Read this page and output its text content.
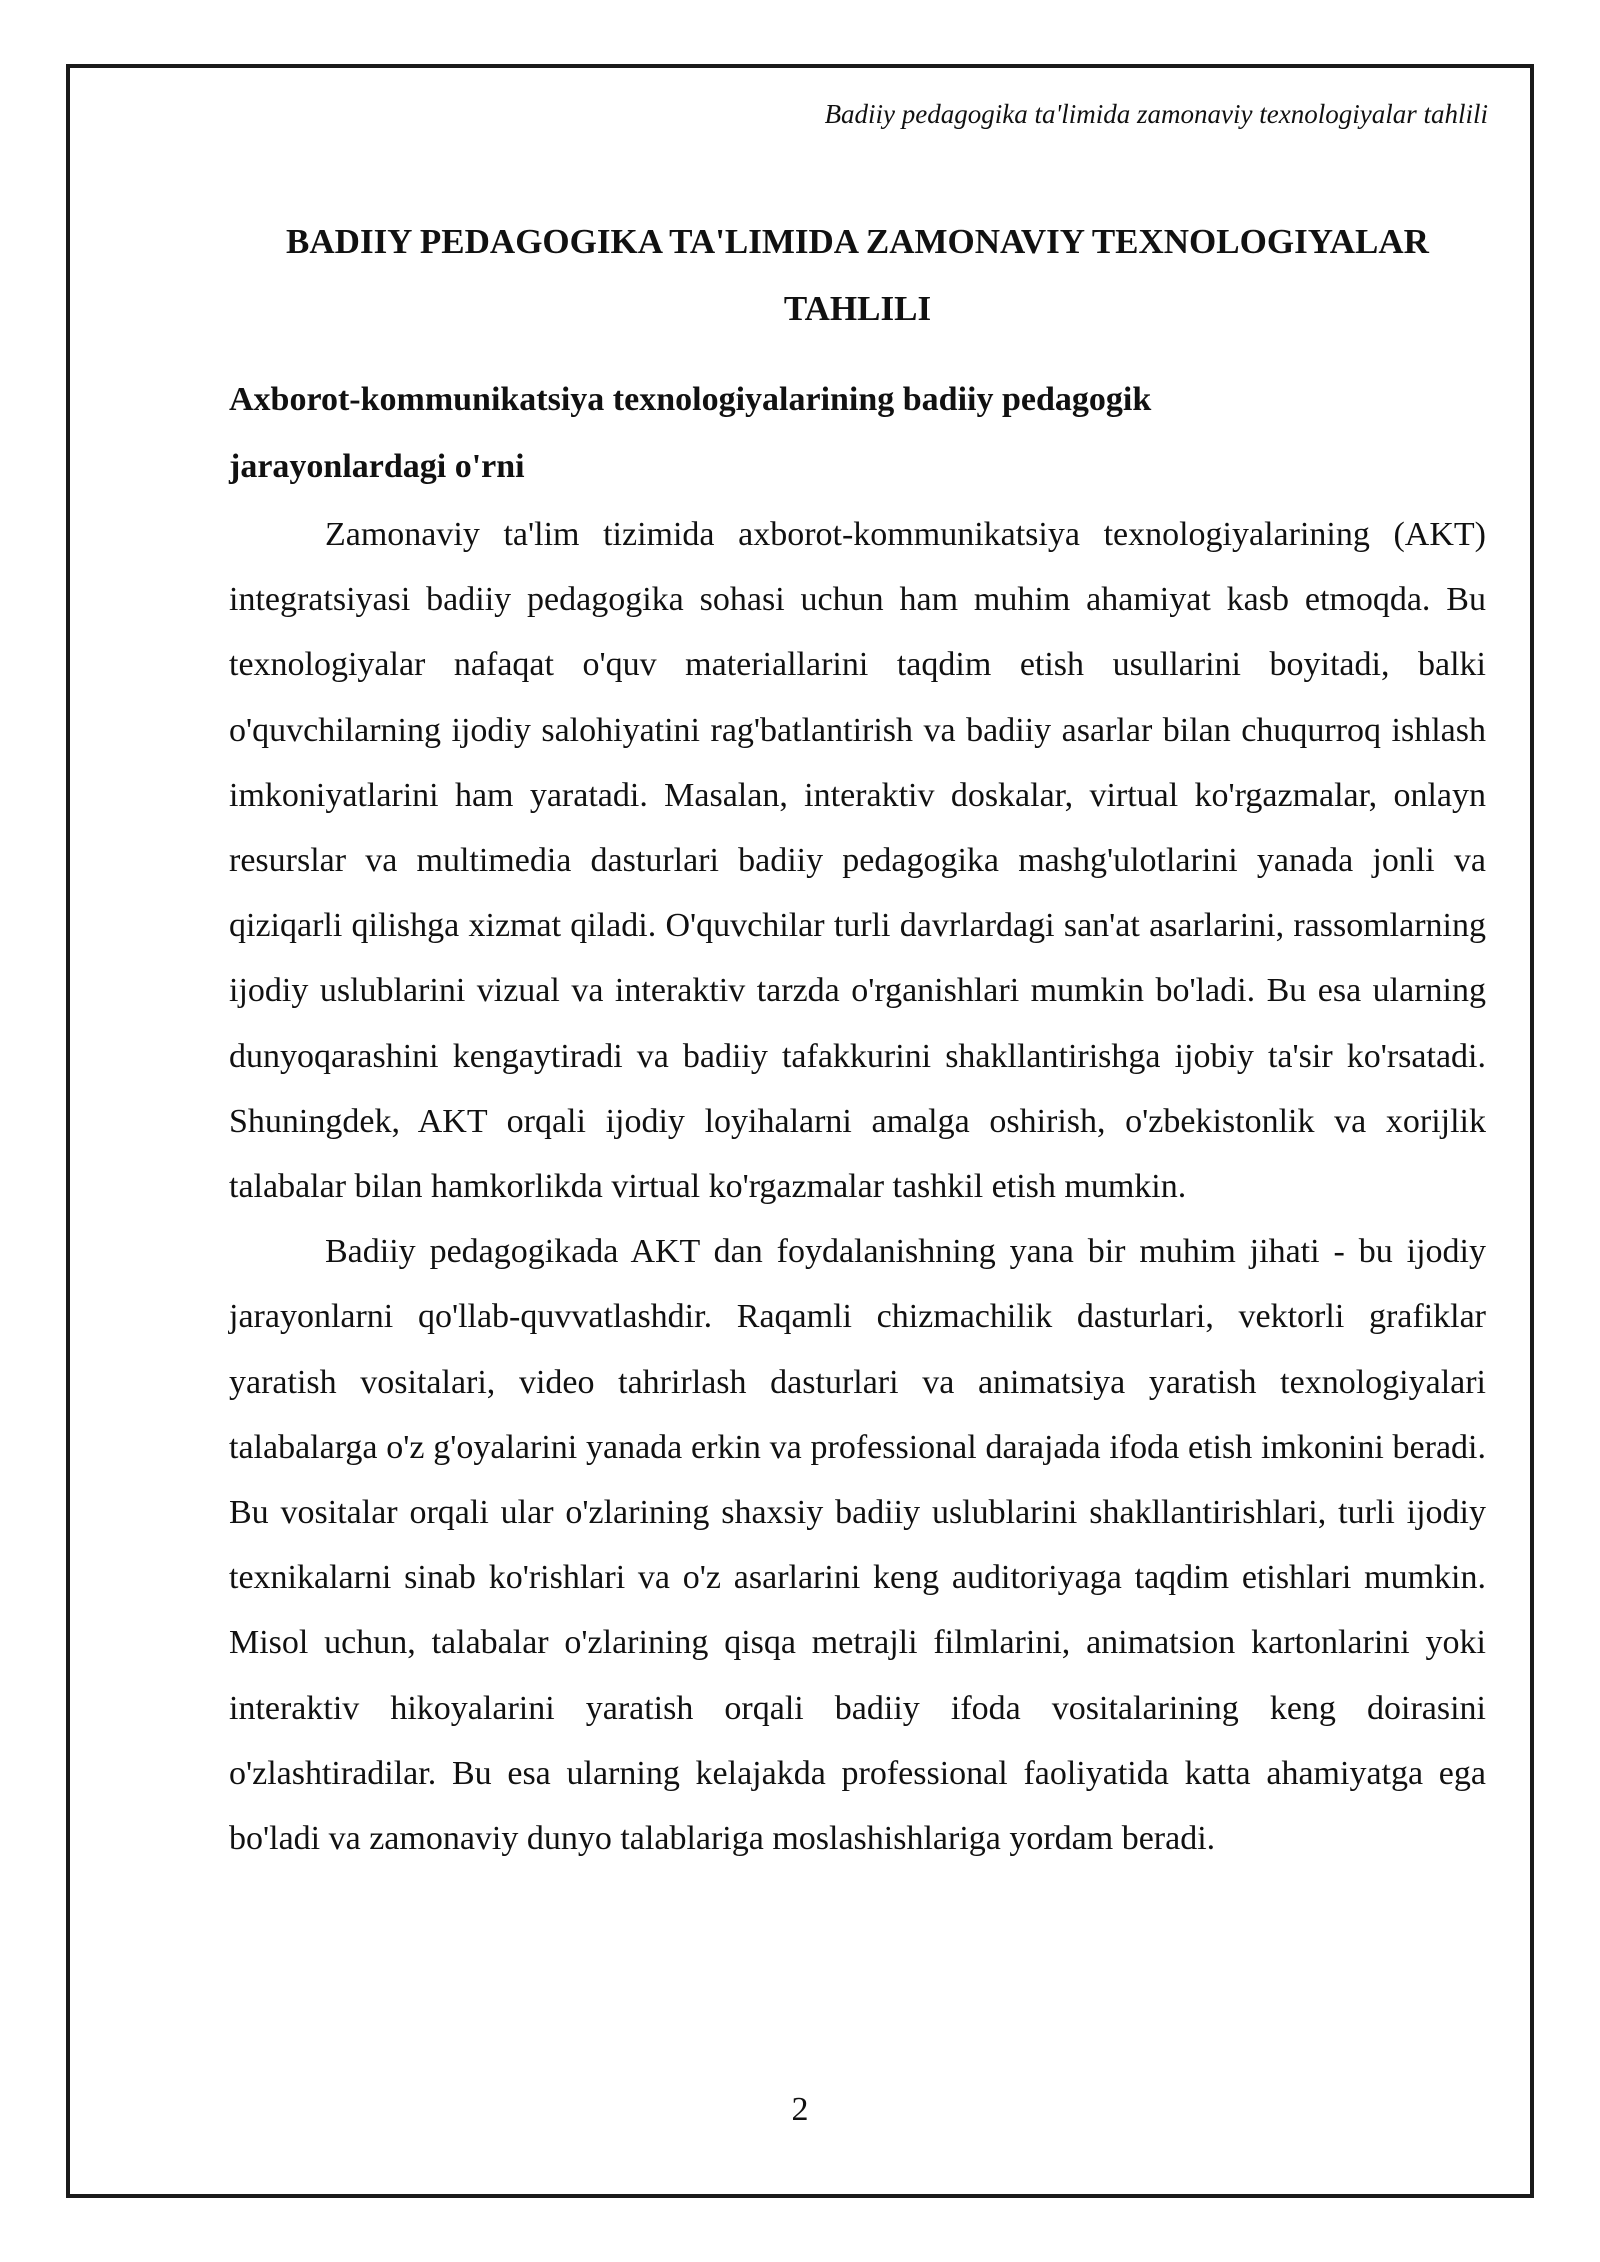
Badiiy pedagogika ta'limida zamonaviy texnologiyalar tahlili
BADIIY PEDAGOGIKA TA'LIMIDA ZAMONAVIY TEXNOLOGIYALAR TAHLILI
Axborot-kommunikatsiya texnologiyalarining badiiy pedagogik jarayonlardagi o'rni

Zamonaviy ta'lim tizimida axborot-kommunikatsiya texnologiyalarining (AKT) integratsiyasi badiiy pedagogika sohasi uchun ham muhim ahamiyat kasb etmoqda. Bu texnologiyalar nafaqat o'quv materiallarini taqdim etish usullarini boyitadi, balki o'quvchilarning ijodiy salohiyatini rag'batlantirish va badiiy asarlar bilan chuqurroq ishlash imkoniyatlarini ham yaratadi. Masalan, interaktiv doskalar, virtual ko'rgazmalar, onlayn resurslar va multimedia dasturlari badiiy pedagogika mashg'ulotlarini yanada jonli va qiziqarli qilishga xizmat qiladi. O'quvchilar turli davrlardagi san'at asarlarini, rassomlarning ijodiy uslublarini vizual va interaktiv tarzda o'rganishlari mumkin bo'ladi. Bu esa ularning dunyoqarashini kengaytiradi va badiiy tafakkurini shakllantirishga ijobiy ta'sir ko'rsatadi. Shuningdek, AKT orqali ijodiy loyihalarni amalga oshirish, o'zbekistonlik va xorijlik talabalar bilan hamkorlikda virtual ko'rgazmalar tashkil etish mumkin.

Badiiy pedagogikada AKT dan foydalanishning yana bir muhim jihati - bu ijodiy jarayonlarni qo'llab-quvvatlashdir. Raqamli chizmachilik dasturlari, vektorli grafiklar yaratish vositalari, video tahrirlash dasturlari va animatsiya yaratish texnologiyalari talabalarga o'z g'oyalarini yanada erkin va professional darajada ifoda etish imkonini beradi. Bu vositalar orqali ular o'zlarining shaxsiy badiiy uslublarini shakllantirishlari, turli ijodiy texnikalarni sinab ko'rishlari va o'z asarlarini keng auditoriyaga taqdim etishlari mumkin. Misol uchun, talabalar o'zlarining qisqa metrajli filmlarini, animatsion kartonlarini yoki interaktiv hikoyalarini yaratish orqali badiiy ifoda vositalarining keng doirasini o'zlashtiradilar. Bu esa ularning kelajakda professional faoliyatida katta ahamiyatga ega bo'ladi va zamonaviy dunyo talablariga moslashishlariga yordam beradi.

2
